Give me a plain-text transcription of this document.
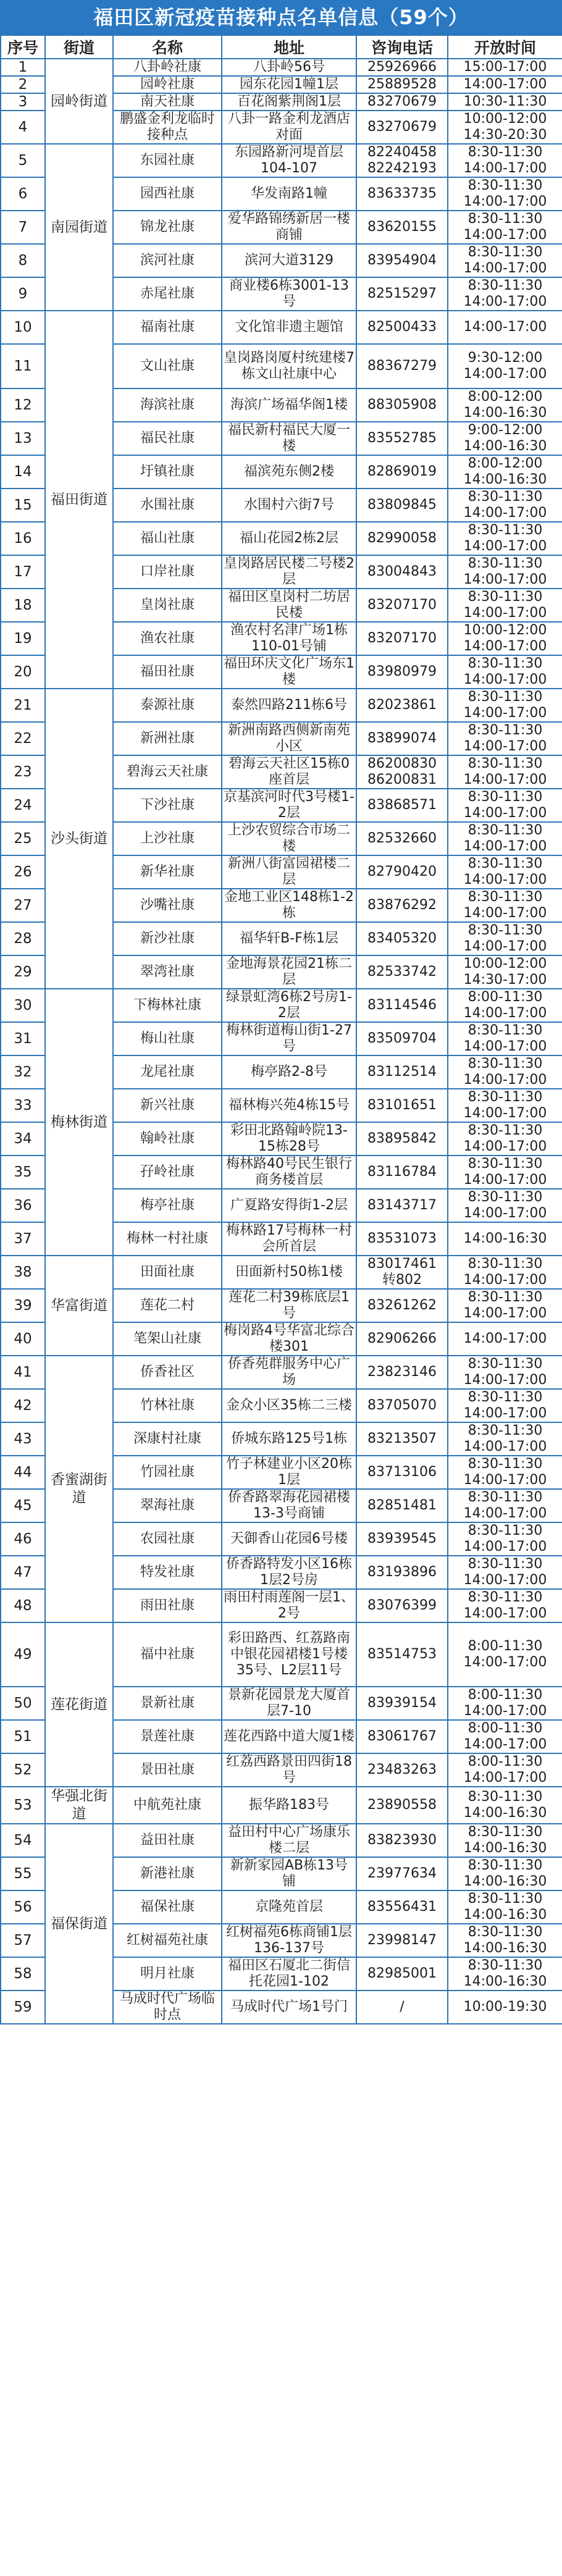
福田区新冠疫苗接种点名单信息（59个）
序号	街道	名称	地址	咨询电话	开放时间
1	园岭街道	八卦岭社康	八卦岭56号	25926966	15:00-17:00
2		园岭社康	园东花园1幢1层	25889528	14:00-17:00
3		南天社康	百花阁紫荆阁1层	83270679	10:30-11:30
4		鹏盛金利龙临时接种点	八卦一路金利龙酒店对面	83270679	10:00-12:00
14:30-20:30
5	南园街道	东园社康	东园路新河堤首层104-107	82240458
82242193	8:30-11:30
14:00-17:00
6		园西社康	华发南路1幢	83633735	8:30-11:30
14:00-17:00
7		锦龙社康	爱华路锦绣新居一楼商铺	83620155	8:30-11:30
14:00-17:00
8		滨河社康	滨河大道3129	83954904	8:30-11:30
14:00-17:00
9		赤尾社康	商业楼6栋3001-13号	82515297	8:30-11:30
14:00-17:00
10	福田街道	福南社康	文化馆非遗主题馆	82500433	14:00-17:00
11		文山社康	皇岗路岗厦村统建楼7栋文山社康中心	88367279	9:30-12:00
14:00-17:00
12		海滨社康	海滨广场福华阁1楼	88305908	8:00-12:00
14:00-16:30
13		福民社康	福民新村福民大厦一楼	83552785	9:00-12:00
14:00-16:30
14		圩镇社康	福滨苑东侧2楼	82869019	8:00-12:00
14:00-16:30
15		水围社康	水围村六街7号	83809845	8:30-11:30
14:00-17:00
16		福山社康	福山花园2栋2层	82990058	8:30-11:30
14:00-17:00
17		口岸社康	皇岗路居民楼二号楼2层	83004843	8:30-11:30
14:00-17:00
18		皇岗社康	福田区皇岗村二坊居民楼	83207170	8:30-11:30
14:00-17:00
19		渔农社康	渔农村名津广场1栋110-01号铺	83207170	10:00-12:00
14:00-17:00
20		福田社康	福田环庆文化广场东1楼	83980979	8:30-11:30
14:00-17:00
21	沙头街道	泰源社康	泰然四路211栋6号	82023861	8:30-11:30
14:00-17:00
22		新洲社康	新洲南路西侧新南苑小区	83899074	8:30-11:30
14:00-17:00
23		碧海云天社康	碧海云天社区15栋0座首层	86200830
86200831	8:30-11:30
14:00-17:00
24		下沙社康	京基滨河时代3号楼1-2层	83868571	8:30-11:30
14:00-17:00
25		上沙社康	上沙农贸综合市场二楼	82532660	8:30-11:30
14:00-17:00
26		新华社康	新洲八街富园裙楼二层	82790420	8:30-11:30
14:00-17:00
27		沙嘴社康	金地工业区148栋1-2栋	83876292	8:30-11:30
14:00-17:00
28		新沙社康	福华轩B-F栋1层	83405320	8:30-11:30
14:00-17:00
29		翠湾社康	金地海景花园21栋二层	82533742	10:00-12:00
14:30-17:00
30	梅林街道	下梅林社康	绿景虹湾6栋2号房1-2层	83114546	8:00-11:30
14:00-17:00
31		梅山社康	梅林街道梅山街1-27号	83509704	8:30-11:30
14:00-17:00
32		龙尾社康	梅亭路2-8号	83112514	8:30-11:30
14:00-17:00
33		新兴社康	福林梅兴苑4栋15号	83101651	8:30-11:30
14:00-17:00
34		翰岭社康	彩田北路翰岭院13-15栋28号	83895842	8:30-11:30
14:00-17:00
35		孖岭社康	梅林路40号民生银行商务楼首层	83116784	8:30-11:30
14:00-17:00
36		梅亭社康	广夏路安得街1-2层	83143717	8:30-11:30
14:00-17:00
37		梅林一村社康	梅林路17号梅林一村会所首层	83531073	14:00-16:30
38	华富街道	田面社康	田面新村50栋1楼	83017461
转802	8:30-11:30
14:00-17:00
39		莲花二村	莲花二村39栋底层1号	83261262	8:30-11:30
14:00-17:00
40		笔架山社康	梅岗路4号华富北综合楼301	82906266	14:00-17:00
41	香蜜湖街道	侨香社区	侨香苑群服务中心广场	23823146	8:30-11:30
14:00-17:00
42		竹林社康	金众小区35栋二三楼	83705070	8:30-11:30
14:00-17:00
43		深康村社康	侨城东路125号1栋	83213507	8:30-11:30
14:00-17:00
44		竹园社康	竹子林建业小区20栋1层	83713106	8:30-11:30
14:00-17:00
45		翠海社康	侨香路翠海花园裙楼13-3号商铺	82851481	8:30-11:30
14:00-17:00
46		农园社康	天御香山花园6号楼	83939545	8:30-11:30
14:00-17:00
47		特发社康	侨香路特发小区16栋1层2号房	83193896	8:30-11:30
14:00-17:00
48		雨田社康	雨田村雨莲阁一层1、2号	83076399	8:30-11:30
14:00-17:00
49	莲花街道	福中社康	彩田路西、红荔路南中银花园裙楼1号楼35号、L2层11号	83514753	8:00-11:30
14:00-17:00
50		景新社康	景新花园景龙大厦首层7-10	83939154	8:00-11:30
14:00-17:00
51		景莲社康	莲花西路中道大厦1楼	83061767	8:00-11:30
14:00-17:00
52		景田社康	红荔西路景田四街18号	23483263	8:00-11:30
14:00-17:00
53	华强北街道	中航苑社康	振华路183号	23890558	8:30-11:30
14:00-16:30
54	福保街道	益田社康	益田村中心广场康乐楼二层	83823930	8:30-11:30
14:00-16:30
55		新港社康	新新家园AB栋13号铺	23977634	8:30-11:30
14:00-16:30
56		福保社康	京隆苑首层	83556431	8:30-11:30
14:00-16:30
57		红树福苑社康	红树福苑6栋商铺1层136-137号	23998147	8:30-11:30
14:00-16:30
58		明月社康	福田区石厦北二街信托花园1-102	82985001	8:30-11:30
14:00-16:30
59		马成时代广场临时点	马成时代广场1号门	/	10:00-19:30
